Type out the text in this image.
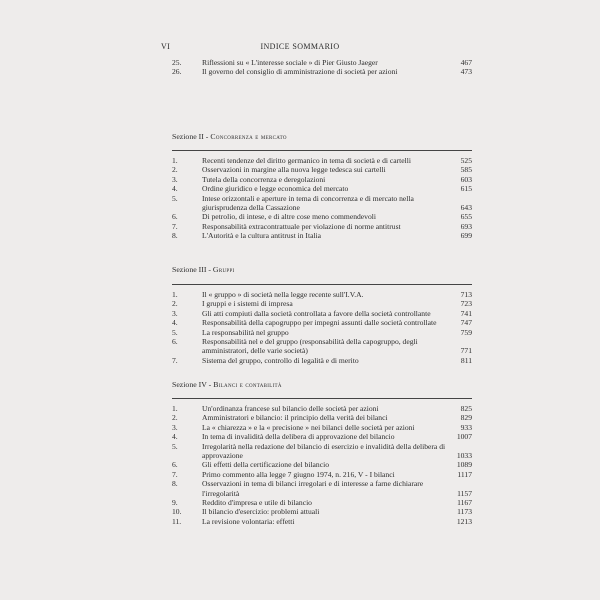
VI	INDICE SOMMARIO
25.	Riflessioni su « L'interesse sociale » di Pier Giusto Jaeger	467
26.	Il governo del consiglio di amministrazione di società per azioni	473
Sezione II - Concorrenza e mercato
1.	Recenti tendenze del diritto germanico in tema di società e di cartelli	525
2.	Osservazioni in margine alla nuova legge tedesca sui cartelli	585
3.	Tutela della concorrenza e deregolazioni	603
4.	Ordine giuridico e legge economica del mercato	615
5.	Intese orizzontali e aperture in tema di concorrenza e di mercato nella giurisprudenza della Cassazione	643
6.	Di petrolio, di intese, e di altre cose meno commendevoli	655
7.	Responsabilità extracontrattuale per violazione di norme antitrust	693
8.	L'Autorità e la cultura antitrust in Italia	699
Sezione III - Gruppi
1.	Il « gruppo » di società nella legge recente sull'I.V.A.	713
2.	I gruppi e i sistemi di impresa	723
3.	Gli atti compiuti dalla società controllata a favore della società controllante	741
4.	Responsabilità della capogruppo per impegni assunti dalle società controllate	747
5.	La responsabilità nel gruppo	759
6.	Responsabilità nel e del gruppo (responsabilità della capogruppo, degli amministratori, delle varie società)	771
7.	Sistema del gruppo, controllo di legalità e di merito	811
Sezione IV - Bilanci e contabilità
1.	Un'ordinanza francese sul bilancio delle società per azioni	825
2.	Amministratori e bilancio: il principio della verità dei bilanci	829
3.	La « chiarezza » e la « precisione » nei bilanci delle società per azioni	933
4.	In tema di invalidità della delibera di approvazione del bilancio	1007
5.	Irregolarità nella redazione del bilancio di esercizio e invalidità della delibera di approvazione	1033
6.	Gli effetti della certificazione del bilancio	1089
7.	Primo commento alla legge 7 giugno 1974, n. 216, V - I bilanci	1117
8.	Osservazioni in tema di bilanci irregolari e di interesse a farne dichiarare l'irregolarità	1157
9.	Reddito d'impresa e utile di bilancio	1167
10.	Il bilancio d'esercizio: problemi attuali	1173
11.	La revisione volontaria: effetti	1213
